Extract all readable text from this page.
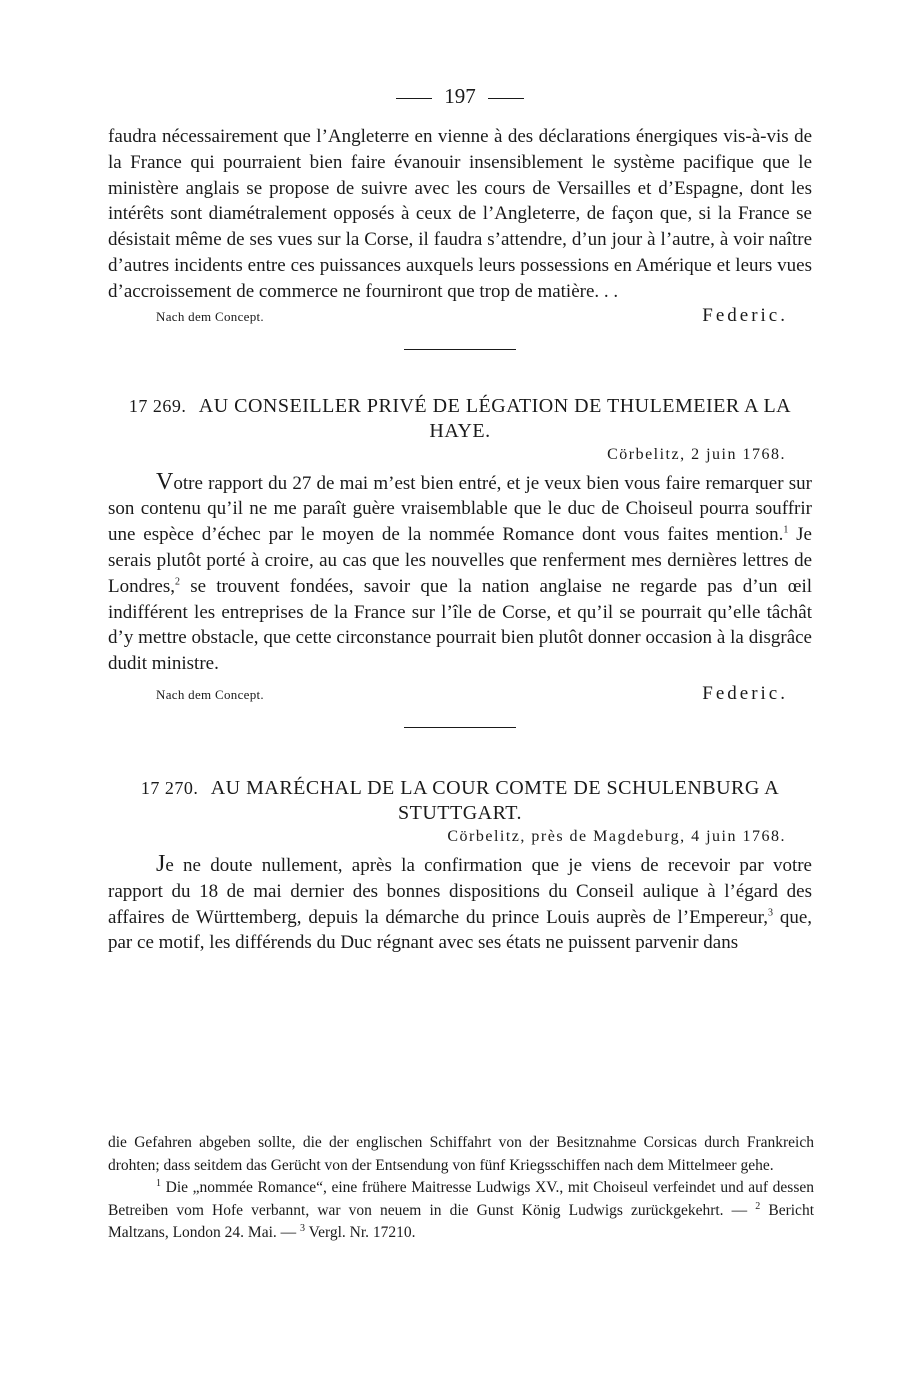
197

faudra nécessairement que l’Angleterre en vienne à des déclarations énergiques vis-à-vis de la France qui pourraient bien faire évanouir insensiblement le système pacifique que le ministère anglais se propose de suivre avec les cours de Versailles et d’Espagne, dont les intérêts sont diamétralement opposés à ceux de l’Angleterre, de façon que, si la France se désistait même de ses vues sur la Corse, il faudra s’attendre, d’un jour à l’autre, à voir naître d’autres incidents entre ces puissances auxquels leurs possessions en Amérique et leurs vues d’accroissement de commerce ne fourniront que trop de matière. . .

Nach dem Concept.	Federic.
17 269. AU CONSEILLER PRIVÉ DE LÉGATION DE THULEMEIER A LA HAYE.
Cörbelitz, 2 juin 1768.

Votre rapport du 27 de mai m’est bien entré, et je veux bien vous faire remarquer sur son contenu qu’il ne me paraît guère vraisemblable que le duc de Choiseul pourra souffrir une espèce d’échec par le moyen de la nommée Romance dont vous faites mention.$^1$ Je serais plutôt porté à croire, au cas que les nouvelles que renferment mes dernières lettres de Londres,$^2$ se trouvent fondées, savoir que la nation anglaise ne regarde pas d’un œil indifférent les entreprises de la France sur l’île de Corse, et qu’il se pourrait qu’elle tâchât d’y mettre obstacle, que cette circonstance pourrait bien plutôt donner occasion à la disgrâce dudit ministre.

Nach dem Concept.	Federic.
17 270. AU MARÉCHAL DE LA COUR COMTE DE SCHULENBURG A STUTTGART.
Cörbelitz, près de Magdeburg, 4 juin 1768.

Je ne doute nullement, après la confirmation que je viens de recevoir par votre rapport du 18 de mai dernier des bonnes dispositions du Conseil aulique à l’égard des affaires de Württemberg, depuis la démarche du prince Louis auprès de l’Empereur,$^3$ que, par ce motif, les différends du Duc régnant avec ses états ne puissent parvenir dans

die Gefahren abgeben sollte, die der englischen Schiffahrt von der Besitznahme Corsicas durch Frankreich drohten; dass seitdem das Gerücht von der Entsendung von fünf Kriegsschiffen nach dem Mittelmeer gehe.

$^1$ Die „nommée Romance“, eine frühere Maitresse Ludwigs XV., mit Choiseul verfeindet und auf dessen Betreiben vom Hofe verbannt, war von neuem in die Gunst König Ludwigs zurückgekehrt. — $^2$ Bericht Maltzans, London 24. Mai. — $^3$ Vergl. Nr. 17210.
